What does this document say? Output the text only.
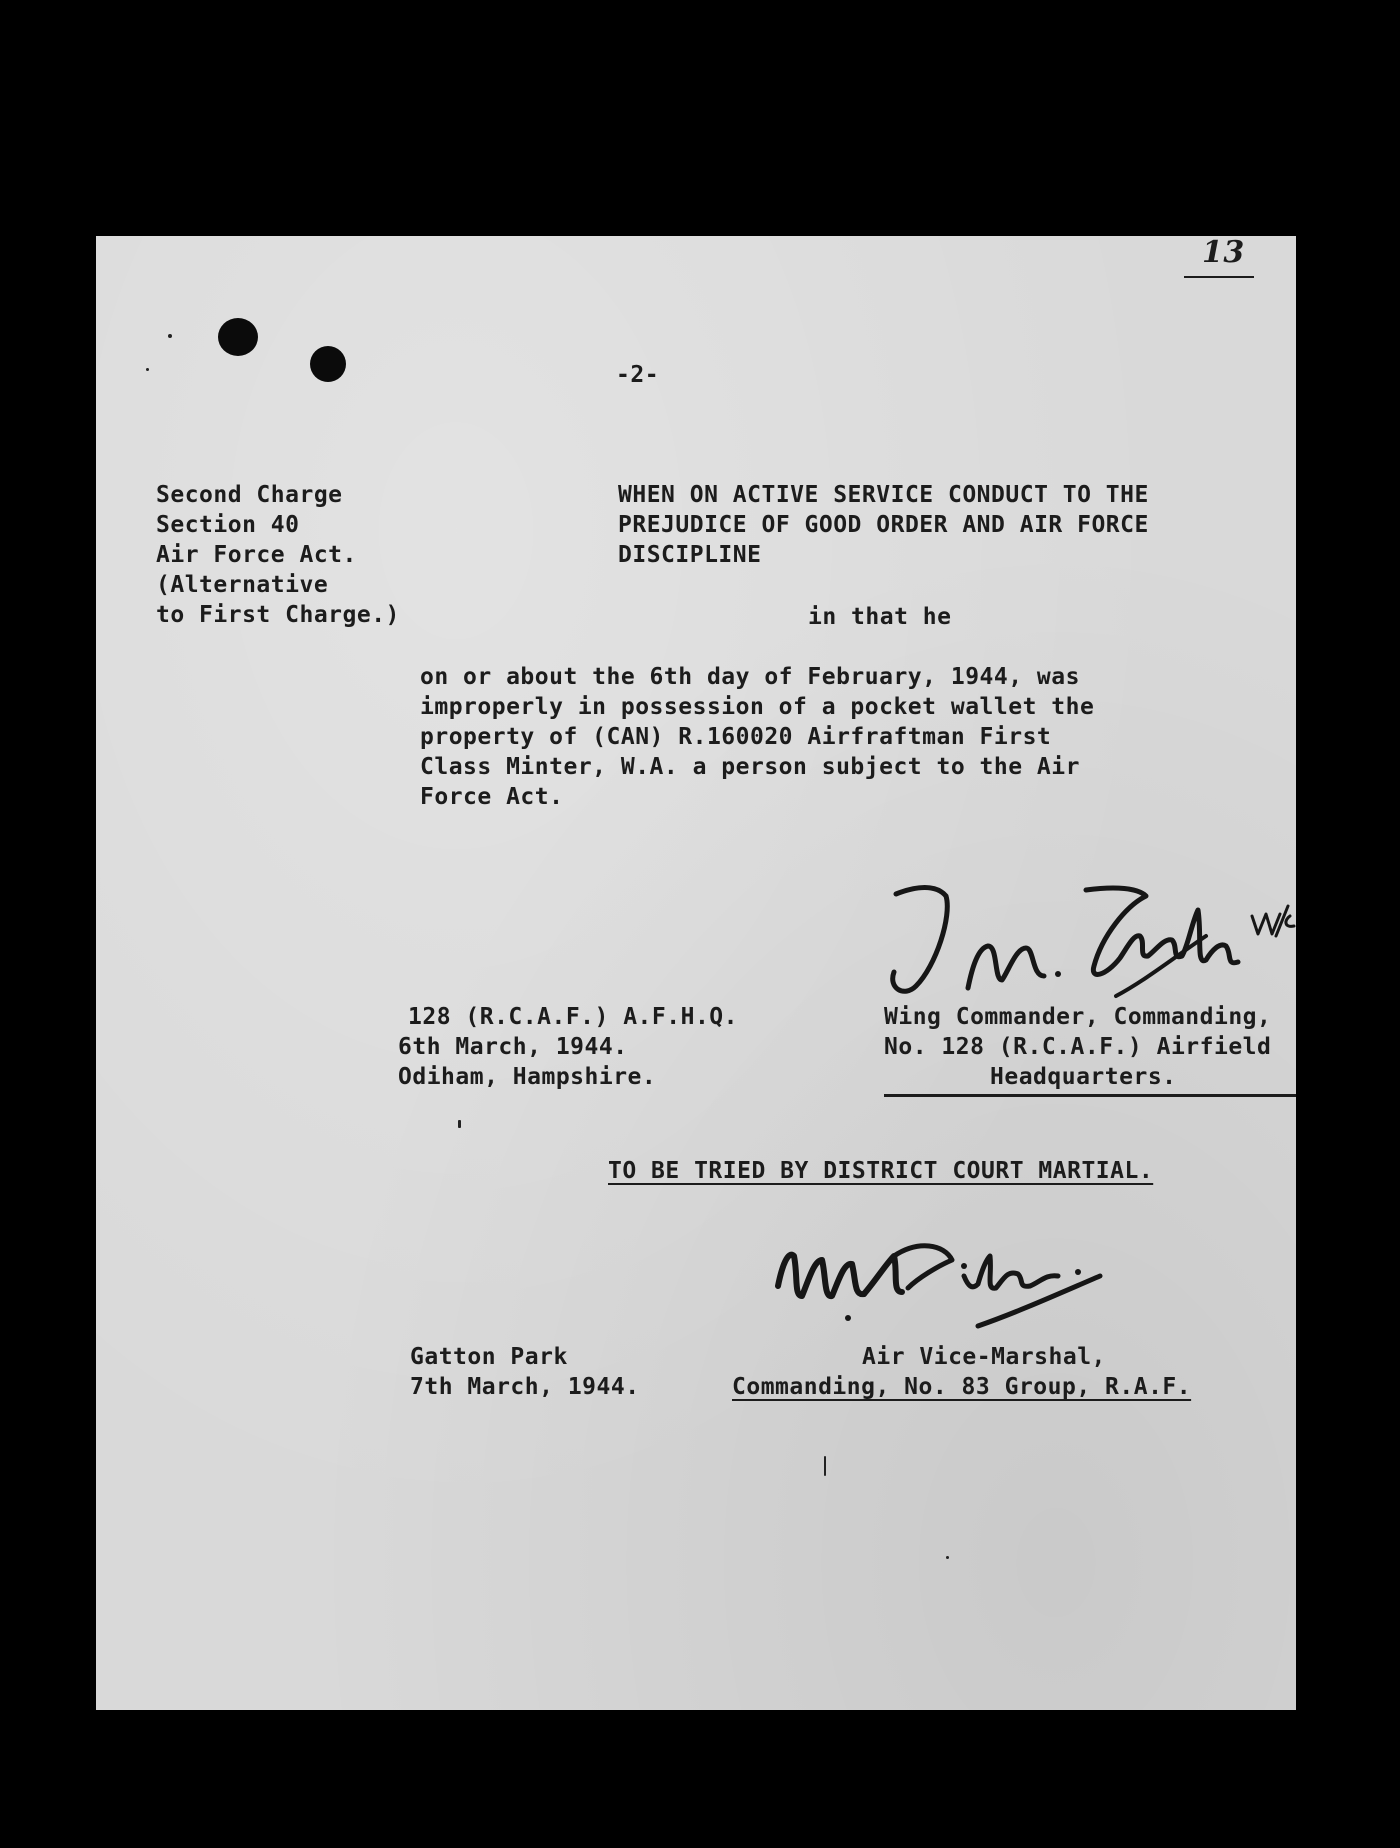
13
-2-
Second Charge
Section 40
Air Force Act.
(Alternative
to First Charge.)
WHEN ON ACTIVE SERVICE CONDUCT TO THE
PREJUDICE OF GOOD ORDER AND AIR FORCE
DISCIPLINE
in that he
on or about the 6th day of February, 1944, was
improperly in possession of a pocket wallet the
property of (CAN) R.160020 Airfraftman First
Class Minter, W.A. a person subject to the Air
Force Act.
128 (R.C.A.F.) A.F.H.Q.
6th March, 1944.
Odiham, Hampshire.
Wing Commander, Commanding,
No. 128 (R.C.A.F.) Airfield
Headquarters.
TO BE TRIED BY DISTRICT COURT MARTIAL.
Gatton Park
7th March, 1944.
Air Vice-Marshal,
Commanding, No. 83 Group, R.A.F.
